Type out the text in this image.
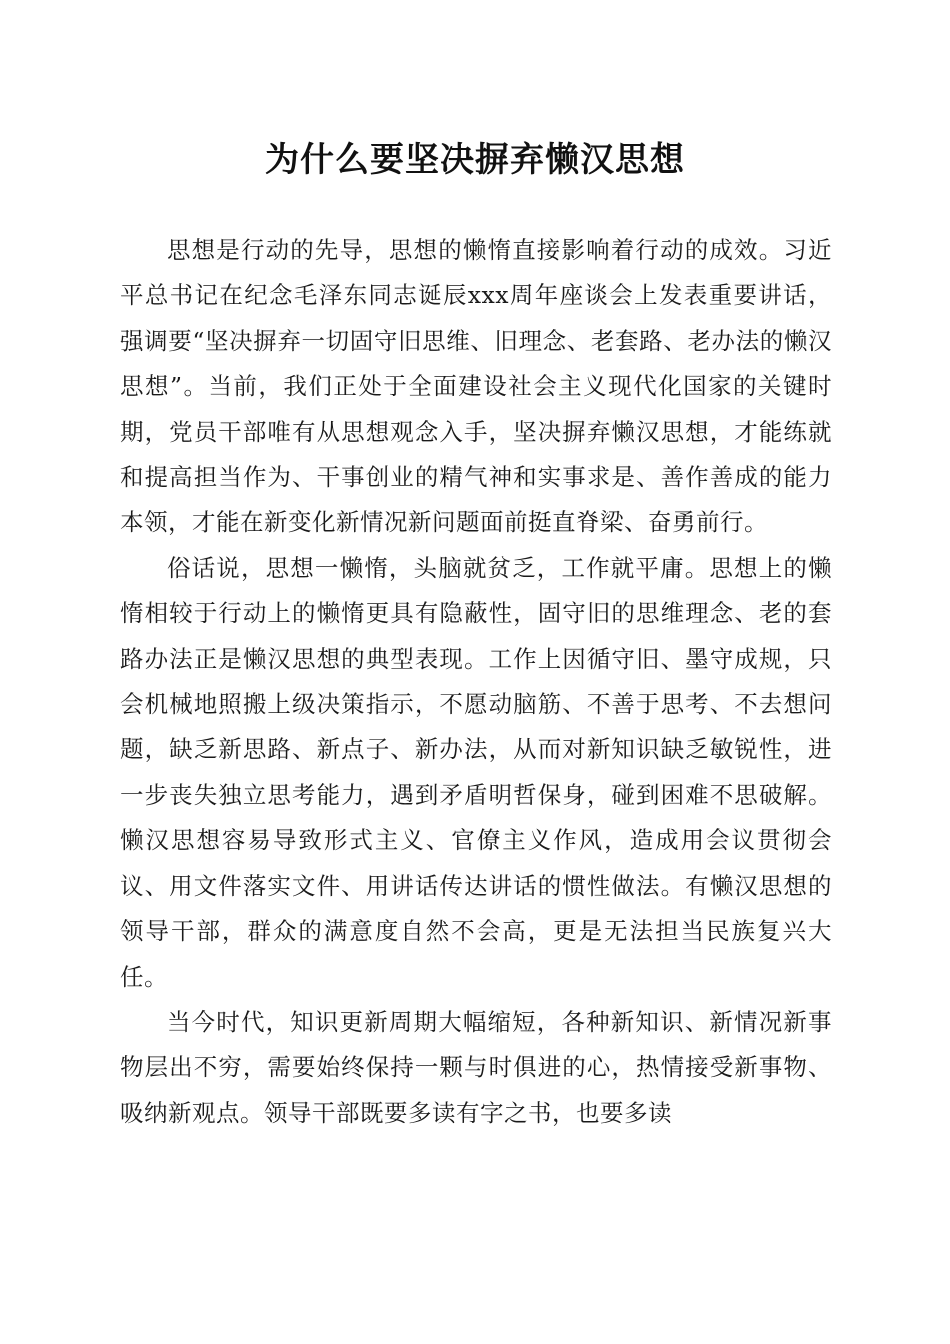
为什么要坚决摒弃懒汉思想

思想是行动的先导，思想的懒惰直接影响着行动的成效。习近平总书记在纪念毛泽东同志诞辰xxx周年座谈会上发表重要讲话，强调要“坚决摒弃一切固守旧思维、旧理念、老套路、老办法的懒汉思想”。当前，我们正处于全面建设社会主义现代化国家的关键时期，党员干部唯有从思想观念入手，坚决摒弃懒汉思想，才能练就和提高担当作为、干事创业的精气神和实事求是、善作善成的能力本领，才能在新变化新情况新问题面前挺直脊梁、奋勇前行。

俗话说，思想一懒惰，头脑就贫乏，工作就平庸。思想上的懒惰相较于行动上的懒惰更具有隐蔽性，固守旧的思维理念、老的套路办法正是懒汉思想的典型表现。工作上因循守旧、墨守成规，只会机械地照搬上级决策指示，不愿动脑筋、不善于思考、不去想问题，缺乏新思路、新点子、新办法，从而对新知识缺乏敏锐性，进一步丧失独立思考能力，遇到矛盾明哲保身，碰到困难不思破解。懒汉思想容易导致形式主义、官僚主义作风，造成用会议贯彻会议、用文件落实文件、用讲话传达讲话的惯性做法。有懒汉思想的领导干部，群众的满意度自然不会高，更是无法担当民族复兴大任。

当今时代，知识更新周期大幅缩短，各种新知识、新情况新事物层出不穷，需要始终保持一颗与时俱进的心，热情接受新事物、吸纳新观点。领导干部既要多读有字之书，也要多读
